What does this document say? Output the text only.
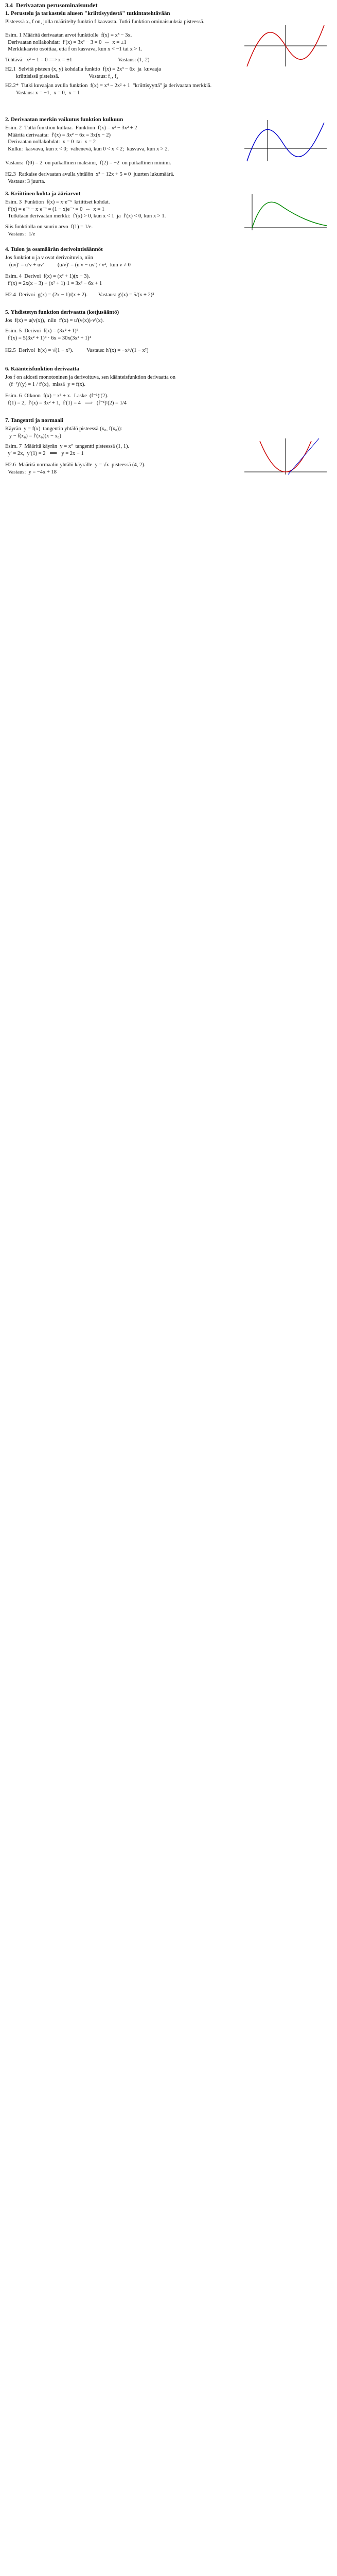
3.4  Derivaatan perusominaisuudet
1. Perustelu ja tarkastelu alueen "kriittisyydestä" tutkintatehtävään
Pisteessä x₀ f on, jolla määritelty funktio f kaavasta. Tutki funktion ominaisuuksia pisteessä.
Esim. 1 Määritä derivaatan arvot funktiolle  f(x) = x³ − 3x.
Derivaatan nollakohdat:  f′(x) = 3x² − 3 = 0  ⇔  x = ±1
Merkkikaavio osoittaa, että f on kasvava, kun x < −1 tai x > 1.
Tehtävä:  x² − 1 = 0 ⟹ x = ±1                                  Vastaus: (1,-2)
H2.1  Selvitä pisteen (x, y) kohdalla funktio  f(x) = 2x³ − 6x  ja  kuvaaja
kriittisissä pisteissä.                      Vastaus: f₁, f₂
H2.2*  Tutki kuvaajan avulla funktion  f(x) = x⁴ − 2x² + 1  "kriittisyyttä" ja derivaatan merkkiä.
Vastaus: x = −1,  x = 0,  x = 1
2. Derivaatan merkin vaikutus funktion kulkuun
Esim. 2  Tutki funktion kulkua.  Funktion  f(x) = x³ − 3x² + 2
Määritä derivaatta:  f′(x) = 3x² − 6x = 3x(x − 2)
Derivaatan nollakohdat:  x = 0  tai  x = 2
Kulku:  kasvava, kun x < 0;  vähenevä, kun 0 < x < 2;  kasvava, kun x > 2.
Vastaus:  f(0) = 2  on paikallinen maksimi,  f(2) = −2  on paikallinen minimi.
H2.3  Ratkaise derivaatan avulla yhtälön  x³ − 12x + 5 = 0  juurten lukumäärä.
Vastaus: 3 juurta.
3. Kriittinen kohta ja ääriarvot
Esim. 3  Funktion  f(x) = x·e⁻ˣ  kriittiset kohdat.
f′(x) = e⁻ˣ − x·e⁻ˣ = (1 − x)e⁻ˣ = 0  ⇔  x = 1
Tutkitaan derivaatan merkki:  f′(x) > 0, kun x < 1  ja  f′(x) < 0, kun x > 1.
Siis funktiolla on suurin arvo  f(1) = 1/e.
Vastaus:  1/e
4. Tulon ja osamäärän derivointisäännöt
Jos funktiot u ja v ovat derivoituvia, niin
(uv)′ = u′v + uv′          (u/v)′ = (u′v − uv′) / v²,  kun v ≠ 0
Esim. 4  Derivoi  f(x) = (x² + 1)(x − 3).
f′(x) = 2x(x − 3) + (x² + 1)·1 = 3x² − 6x + 1
H2.4  Derivoi  g(x) = (2x − 1)/(x + 2).        Vastaus: g′(x) = 5/(x + 2)²
5. Yhdistetyn funktion derivaatta (ketjusääntö)
Jos  f(x) = u(v(x)),  niin  f′(x) = u′(v(x))·v′(x).
Esim. 5  Derivoi  f(x) = (3x² + 1)⁵.
f′(x) = 5(3x² + 1)⁴ · 6x = 30x(3x² + 1)⁴
H2.5  Derivoi  h(x) = √(1 − x²).          Vastaus: h′(x) = −x/√(1 − x²)
6. Käänteisfunktion derivaatta
Jos f on aidosti monotoninen ja derivoituva, sen käänteisfunktion derivaatta on
(f⁻¹)′(y) = 1 / f′(x),  missä  y = f(x).
Esim. 6  Olkoon  f(x) = x³ + x.  Laske  (f⁻¹)′(2).
f(1) = 2,  f′(x) = 3x² + 1,  f′(1) = 4   ⟹   (f⁻¹)′(2) = 1/4
7. Tangentti ja normaali
Käyrän  y = f(x)  tangentin yhtälö pisteessä (x₀, f(x₀)):
y − f(x₀) = f′(x₀)(x − x₀)
Esim. 7  Määritä käyrän  y = x²  tangentti pisteessä (1, 1).
y′ = 2x,  y′(1) = 2   ⟹   y = 2x − 1
H2.6  Määritä normaalin yhtälö käyrälle  y = √x  pisteessä (4, 2).
Vastaus:  y = −4x + 18
